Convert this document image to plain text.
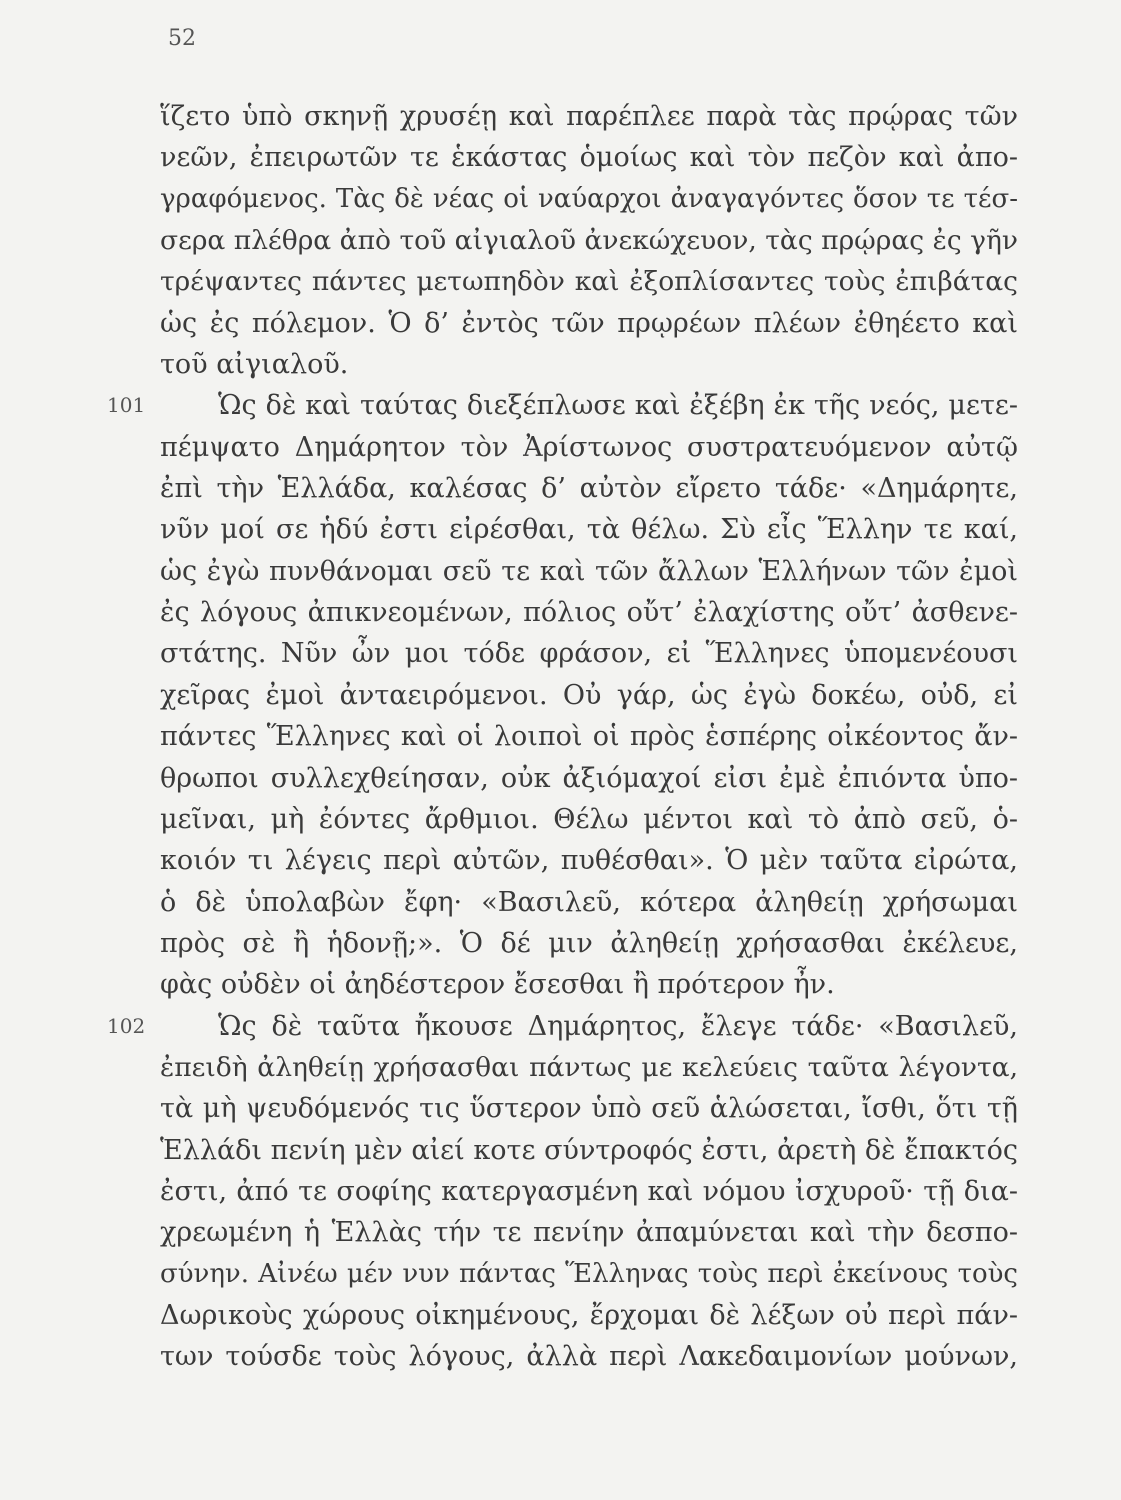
52
ἵζετο ὑπὸ σκηνῇ χρυσέῃ καὶ παρέπλεε παρὰ τὰς πρῴρας τῶν
νεῶν, ἐπειρωτῶν τε ἑκάστας ὁμοίως καὶ τὸν πεζὸν καὶ ἀπο-
γραφόμενος. Τὰς δὲ νέας οἱ ναύαρχοι ἀναγαγόντες ὅσον τε τέσ-
σερα πλέθρα ἀπὸ τοῦ αἰγιαλοῦ ἀνεκώχευον, τὰς πρῴρας ἐς γῆν
τρέψαντες πάντες μετωπηδὸν καὶ ἐξοπλίσαντες τοὺς ἐπιβάτας
ὡς ἐς πόλεμον. Ὁ δ’ ἐντὸς τῶν πρῳρέων πλέων ἐθηέετο καὶ
τοῦ αἰγιαλοῦ.
101	Ὡς δὲ καὶ ταύτας διεξέπλωσε καὶ ἐξέβη ἐκ τῆς νεός, μετε-
πέμψατο Δημάρητον τὸν Ἀρίστωνος συστρατευόμενον αὐτῷ
ἐπὶ τὴν Ἑλλάδα, καλέσας δ’ αὐτὸν εἴρετο τάδε· «Δημάρητε,
νῦν μοί σε ἡδύ ἐστι εἰρέσθαι, τὰ θέλω. Σὺ εἶς Ἕλλην τε καί,
ὡς ἐγὼ πυνθάνομαι σεῦ τε καὶ τῶν ἄλλων Ἑλλήνων τῶν ἐμοὶ
ἐς λόγους ἀπικνεομένων, πόλιος οὔτ’ ἐλαχίστης οὔτ’ ἀσθενε-
στάτης. Νῦν ὦν μοι τόδε φράσον, εἰ Ἕλληνες ὑπομενέουσι
χεῖρας ἐμοὶ ἀνταειρόμενοι. Οὐ γάρ, ὡς ἐγὼ δοκέω, οὐδ, εἰ
πάντες Ἕλληνες καὶ οἱ λοιποὶ οἱ πρὸς ἑσπέρης οἰκέοντος ἄν-
θρωποι συλλεχθείησαν, οὐκ ἀξιόμαχοί εἰσι ἐμὲ ἐπιόντα ὑπο-
μεῖναι, μὴ ἐόντες ἄρθμιοι. Θέλω μέντοι καὶ τὸ ἀπὸ σεῦ, ὁ-
κοιόν τι λέγεις περὶ αὐτῶν, πυθέσθαι». Ὁ μὲν ταῦτα εἰρώτα,
ὁ δὲ ὑπολαβὼν ἔφη· «Βασιλεῦ, κότερα ἀληθείῃ χρήσωμαι
πρὸς σὲ ἢ ἡδονῇ;». Ὁ δέ μιν ἀληθείῃ χρήσασθαι ἐκέλευε,
φὰς οὐδὲν οἱ ἀηδέστερον ἔσεσθαι ἢ πρότερον ἦν.
102	Ὡς δὲ ταῦτα ἤκουσε Δημάρητος, ἔλεγε τάδε· «Βασιλεῦ,
ἐπειδὴ ἀληθείῃ χρήσασθαι πάντως με κελεύεις ταῦτα λέγοντα,
τὰ μὴ ψευδόμενός τις ὕστερον ὑπὸ σεῦ ἁλώσεται, ἴσθι, ὅτι τῇ
Ἑλλάδι πενίη μὲν αἰεί κοτε σύντροφός ἐστι, ἀρετὴ δὲ ἔπακτός
ἐστι, ἀπό τε σοφίης κατεργασμένη καὶ νόμου ἰσχυροῦ· τῇ δια-
χρεωμένη ἡ Ἑλλὰς τήν τε πενίην ἀπαμύνεται καὶ τὴν δεσπο-
σύνην. Αἰνέω μέν νυν πάντας Ἕλληνας τοὺς περὶ ἐκείνους τοὺς
Δωρικοὺς χώρους οἰκημένους, ἔρχομαι δὲ λέξων οὐ περὶ πάν-
των τούσδε τοὺς λόγους, ἀλλὰ περὶ Λακεδαιμονίων μούνων,
